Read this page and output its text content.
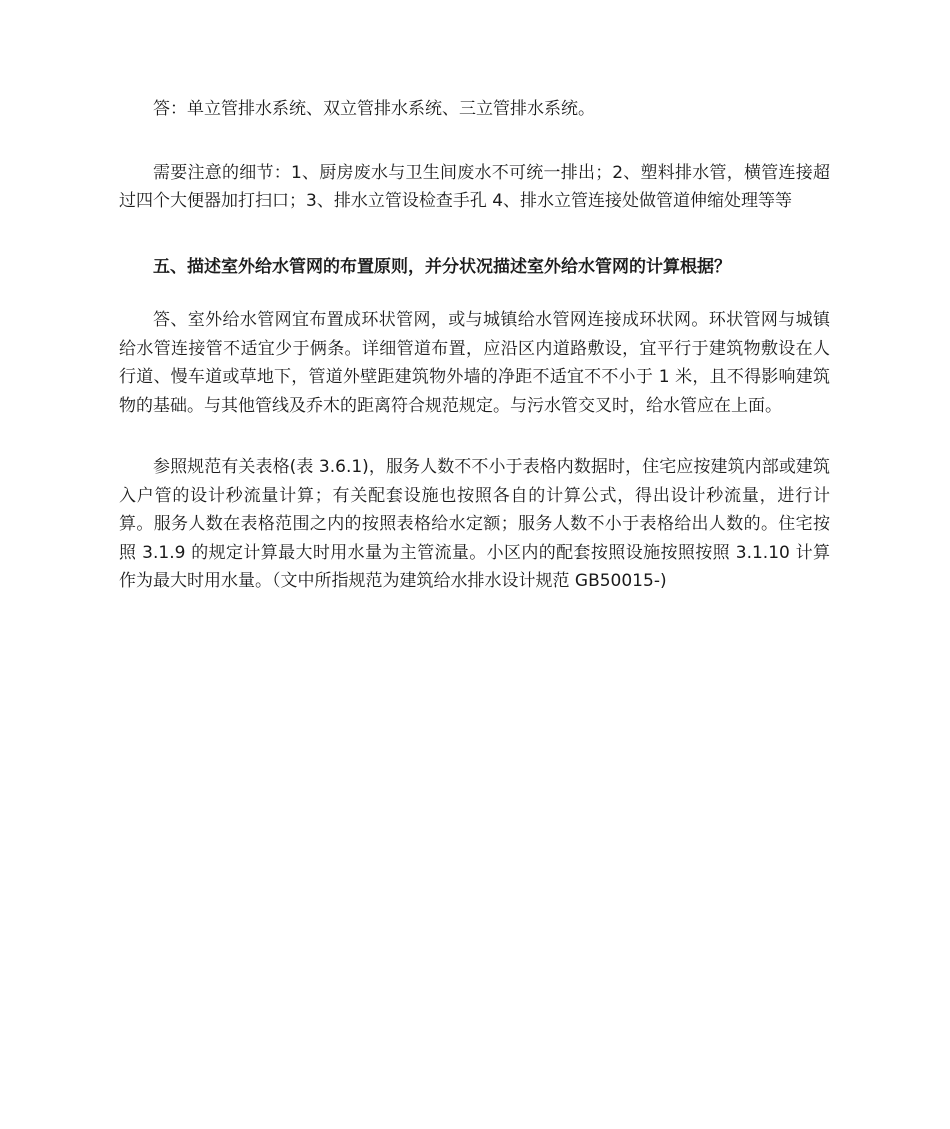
答：单立管排水系统、双立管排水系统、三立管排水系统。

需要注意的细节：1、厨房废水与卫生间废水不可统一排出；2、塑料排水管，横管连接超过四个大便器加打扫口；3、排水立管设检查手孔 4、排水立管连接处做管道伸缩处理等等

五、描述室外给水管网的布置原则，并分状况描述室外给水管网的计算根据？

答、室外给水管网宜布置成环状管网，或与城镇给水管网连接成环状网。环状管网与城镇给水管连接管不适宜少于俩条。详细管道布置，应沿区内道路敷设，宜平行于建筑物敷设在人行道、慢车道或草地下，管道外壁距建筑物外墙的净距不适宜不不小于 1 米，且不得影响建筑物的基础。与其他管线及乔木的距离符合规范规定。与污水管交叉时，给水管应在上面。

参照规范有关表格(表 3.6.1)，服务人数不不小于表格内数据时，住宅应按建筑内部或建筑入户管的设计秒流量计算；有关配套设施也按照各自的计算公式，得出设计秒流量，进行计算。服务人数在表格范围之内的按照表格给水定额；服务人数不小于表格给出人数的。住宅按照 3.1.9 的规定计算最大时用水量为主管流量。小区内的配套按照设施按照按照 3.1.10 计算作为最大时用水量。（文中所指规范为建筑给水排水设计规范 GB50015-)
